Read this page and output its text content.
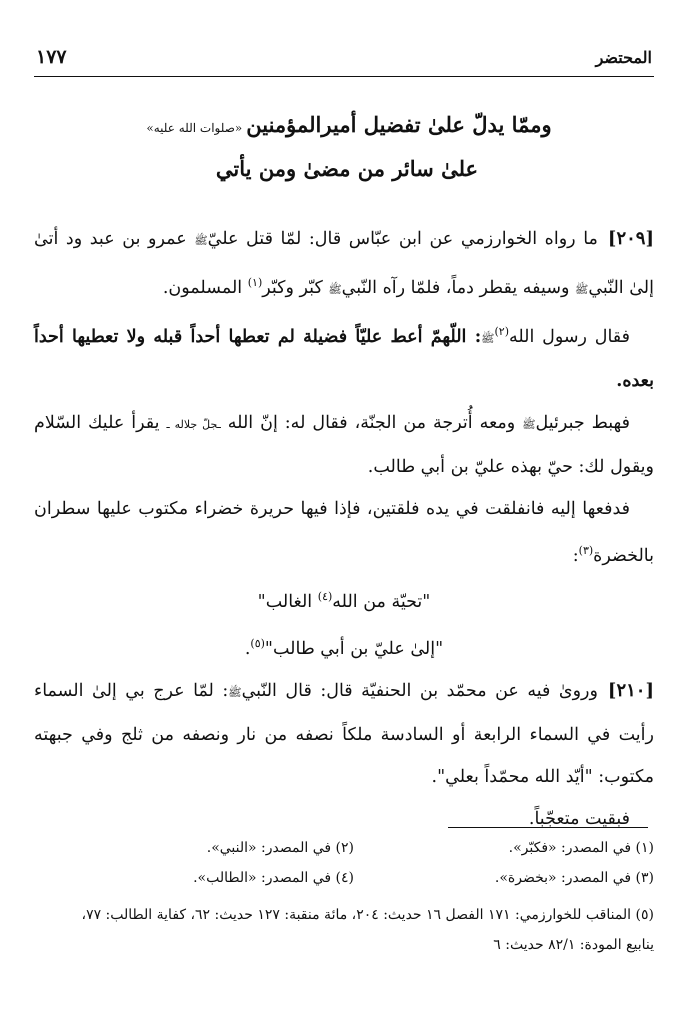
١٧٧	المحتضر
وممّا يدلّ علىٰ تفضيل أميرالمؤمنين«صلوات الله عليه»
علىٰ سائر من مضىٰ ومن يأتي

[٢٠٩]ما رواه الخوارزمي عن ابن عبّاس قال: لمّا قتل عليّﷺ عمرو بن عبد ود أتىٰ إلىٰ النّبيﷺ وسيفه يقطر دماً، فلمّا رآه النّبيﷺ كبّر وكبّر$^{(١)}$ المسلمون.

فقال رسول الله$^{(٢)}$ﷺ: اللّهمّ أعط عليّاً فضيلة لم تعطها أحداً قبله ولا تعطيها أحداً بعده.

فهبط جبرئيلﷺ ومعه أُترجة من الجنّة، فقال له: إنّ الله ـجلّ جلاله ـ يقرأ عليك السّلام ويقول لك: حيّ بهذه عليّ بن أبي طالب.

فدفعها إليه فانفلقت في يده فلقتين، فإذا فيها حريرة خضراء مكتوب عليها سطران بالخضرة$^{(٣)}$:

"تحيّة من الله$^{(٤)}$ الغالب"

"إلىٰ عليّ بن أبي طالب"$^{(٥)}$.

[٢١٠]وروىٰ فيه عن محمّد بن الحنفيّة قال: قال النّبيﷺ: لمّا عرج بي إلىٰ السماء رأيت في السماء الرابعة أو السادسة ملكاً نصفه من نار ونصفه من ثلج وفي جبهته مكتوب: "أيّد الله محمّداً بعلي".

فبقيت متعجّباً.

(١) في المصدر: «فكبّر».
(٢) في المصدر: «النبي».
(٣) في المصدر: «بخضرة».
(٤) في المصدر: «الطالب».
(٥) المناقب للخوارزمي: ١٧١ الفصل ١٦ حديث: ٢٠٤، مائة منقبة: ١٢٧ حديث: ٦٢، كفاية الطالب: ٧٧،
ينابيع المودة: ٨٢/١ حديث: ٦
